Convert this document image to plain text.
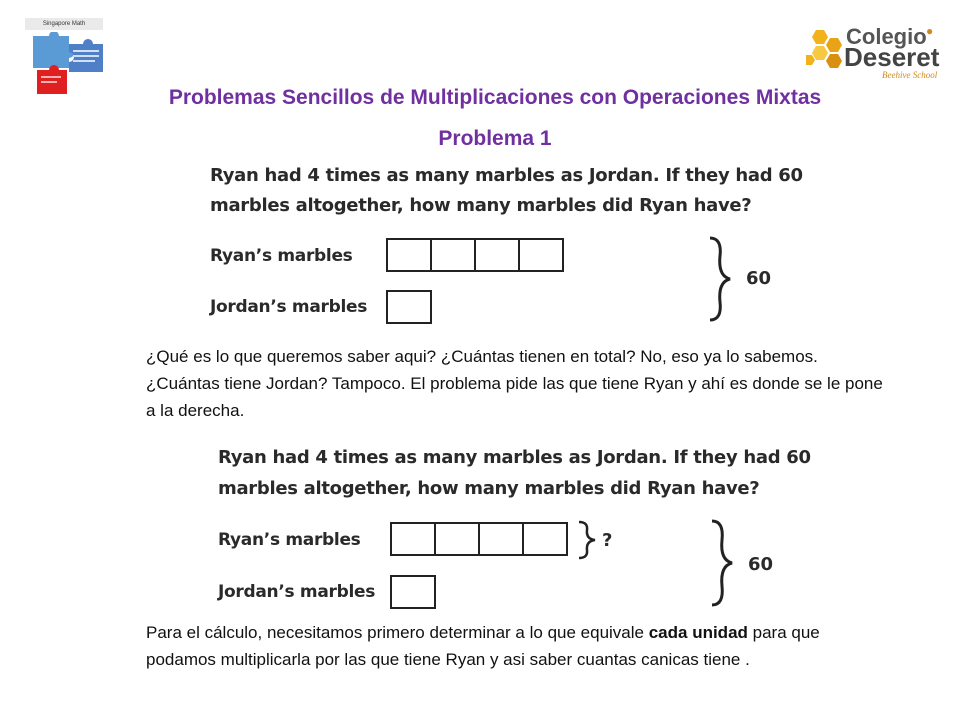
Singapore Math	Colegio ●
Deseret
Beehive School
Problemas Sencillos de Multiplicaciones con Operaciones Mixtas
Problema 1
Ryan had 4 times as many marbles as Jordan. If they had 60
marbles altogether, how many marbles did Ryan have?
Ryan’s marbles
Jordan’s marbles
60
¿Qué es lo que queremos saber aqui? ¿Cuántas tienen en total? No, eso ya lo sabemos. ¿Cuántas tiene Jordan? Tampoco. El problema pide las que tiene Ryan y ahí es donde se le pone a la derecha.
Ryan had 4 times as many marbles as Jordan. If they had 60
marbles altogether, how many marbles did Ryan have?
Ryan’s marbles	?
Jordan’s marbles
60
Para el cálculo, necesitamos primero determinar a lo que equivale cada unidad para que podamos multiplicarla por las que tiene Ryan y asi saber cuantas canicas tiene .
